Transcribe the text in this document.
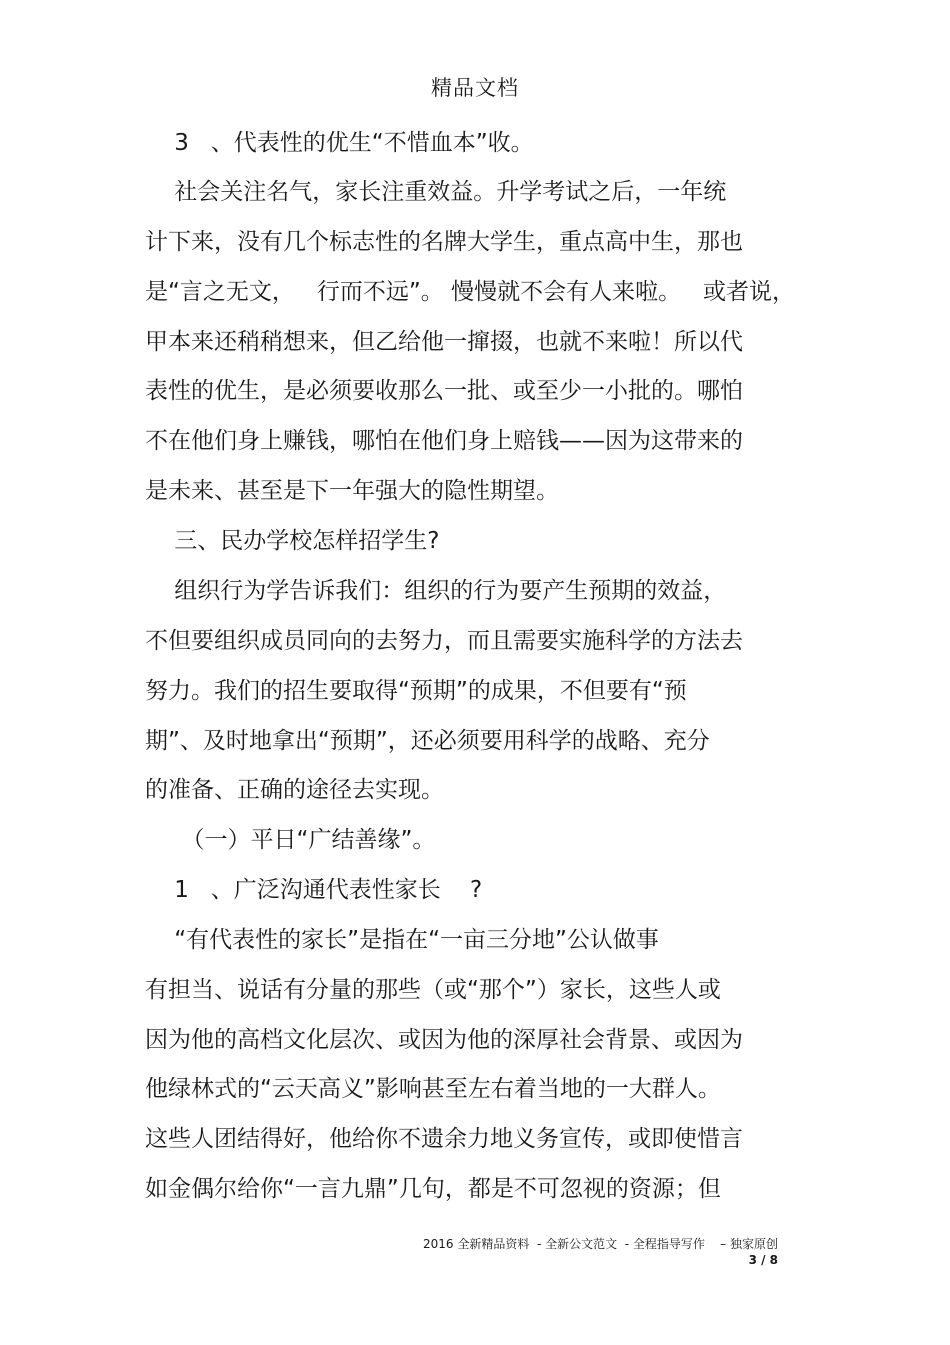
精品文档
3   、代表性的优生“不惜血本”收。
社会关注名气，家长注重效益。升学考试之后，一年统
计下来，没有几个标志性的名牌大学生，重点高中生，那也
是“言之无文，   行而不远”。 慢慢就不会有人来啦。   或者说，
甲本来还稍稍想来，但乙给他一撺掇，也就不来啦！所以代
表性的优生，是必须要收那么一批、或至少一小批的。哪怕
不在他们身上赚钱，哪怕在他们身上赔钱——因为这带来的
是未来、甚至是下一年强大的隐性期望。
三、民办学校怎样招学生?
组织行为学告诉我们：组织的行为要产生预期的效益，
不但要组织成员同向的去努力，而且需要实施科学的方法去
努力。我们的招生要取得“预期”的成果，不但要有“预
期”、及时地拿出“预期”，还必须要用科学的战略、充分
的准备、正确的途径去实现。
（一）平日“广结善缘”。
1   、广泛沟通代表性家长    ?
“有代表性的家长”是指在“一亩三分地”公认做事
有担当、说话有分量的那些（或“那个”）家长，这些人或
因为他的高档文化层次、或因为他的深厚社会背景、或因为
他绿林式的“云天高义”影响甚至左右着当地的一大群人。
这些人团结得好，他给你不遗余力地义务宣传，或即使惜言
如金偶尔给你“一言九鼎”几句，都是不可忽视的资源；但
2016 全新精品资料  - 全新公文范文  - 全程指导写作    – 独家原创
3 / 8
